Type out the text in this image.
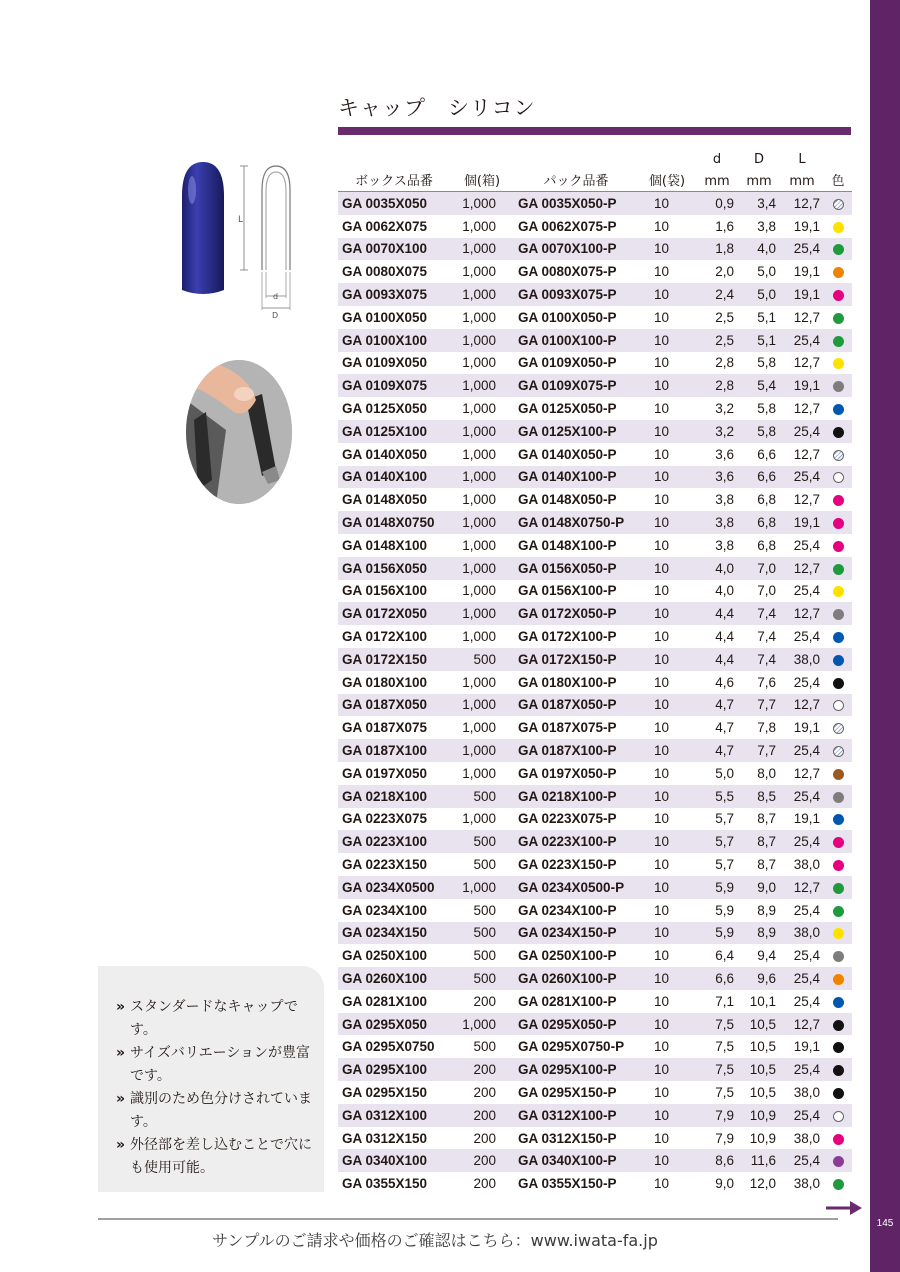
145
キャップ　シリコン
L
d
D
				d	D	L	
ボックス品番	個(箱)	パック品番	個(袋)	mm	mm	mm	色
GA 0035X050	1,000	GA 0035X050-P	10	0,9	3,4	12,7	
GA 0062X075	1,000	GA 0062X075-P	10	1,6	3,8	19,1	
GA 0070X100	1,000	GA 0070X100-P	10	1,8	4,0	25,4	
GA 0080X075	1,000	GA 0080X075-P	10	2,0	5,0	19,1	
GA 0093X075	1,000	GA 0093X075-P	10	2,4	5,0	19,1	
GA 0100X050	1,000	GA 0100X050-P	10	2,5	5,1	12,7	
GA 0100X100	1,000	GA 0100X100-P	10	2,5	5,1	25,4	
GA 0109X050	1,000	GA 0109X050-P	10	2,8	5,8	12,7	
GA 0109X075	1,000	GA 0109X075-P	10	2,8	5,4	19,1	
GA 0125X050	1,000	GA 0125X050-P	10	3,2	5,8	12,7	
GA 0125X100	1,000	GA 0125X100-P	10	3,2	5,8	25,4	
GA 0140X050	1,000	GA 0140X050-P	10	3,6	6,6	12,7	
GA 0140X100	1,000	GA 0140X100-P	10	3,6	6,6	25,4	
GA 0148X050	1,000	GA 0148X050-P	10	3,8	6,8	12,7	
GA 0148X0750	1,000	GA 0148X0750-P	10	3,8	6,8	19,1	
GA 0148X100	1,000	GA 0148X100-P	10	3,8	6,8	25,4	
GA 0156X050	1,000	GA 0156X050-P	10	4,0	7,0	12,7	
GA 0156X100	1,000	GA 0156X100-P	10	4,0	7,0	25,4	
GA 0172X050	1,000	GA 0172X050-P	10	4,4	7,4	12,7	
GA 0172X100	1,000	GA 0172X100-P	10	4,4	7,4	25,4	
GA 0172X150	500	GA 0172X150-P	10	4,4	7,4	38,0	
GA 0180X100	1,000	GA 0180X100-P	10	4,6	7,6	25,4	
GA 0187X050	1,000	GA 0187X050-P	10	4,7	7,7	12,7	
GA 0187X075	1,000	GA 0187X075-P	10	4,7	7,8	19,1	
GA 0187X100	1,000	GA 0187X100-P	10	4,7	7,7	25,4	
GA 0197X050	1,000	GA 0197X050-P	10	5,0	8,0	12,7	
GA 0218X100	500	GA 0218X100-P	10	5,5	8,5	25,4	
GA 0223X075	1,000	GA 0223X075-P	10	5,7	8,7	19,1	
GA 0223X100	500	GA 0223X100-P	10	5,7	8,7	25,4	
GA 0223X150	500	GA 0223X150-P	10	5,7	8,7	38,0	
GA 0234X0500	1,000	GA 0234X0500-P	10	5,9	9,0	12,7	
GA 0234X100	500	GA 0234X100-P	10	5,9	8,9	25,4	
GA 0234X150	500	GA 0234X150-P	10	5,9	8,9	38,0	
GA 0250X100	500	GA 0250X100-P	10	6,4	9,4	25,4	
GA 0260X100	500	GA 0260X100-P	10	6,6	9,6	25,4	
GA 0281X100	200	GA 0281X100-P	10	7,1	10,1	25,4	
GA 0295X050	1,000	GA 0295X050-P	10	7,5	10,5	12,7	
GA 0295X0750	500	GA 0295X0750-P	10	7,5	10,5	19,1	
GA 0295X100	200	GA 0295X100-P	10	7,5	10,5	25,4	
GA 0295X150	200	GA 0295X150-P	10	7,5	10,5	38,0	
GA 0312X100	200	GA 0312X100-P	10	7,9	10,9	25,4	
GA 0312X150	200	GA 0312X150-P	10	7,9	10,9	38,0	
GA 0340X100	200	GA 0340X100-P	10	8,6	11,6	25,4	
GA 0355X150	200	GA 0355X150-P	10	9,0	12,0	38,0	
» スタンダードなキャップです。
» サイズバリエーションが豊富です。
» 識別のため色分けされています。
» 外径部を差し込むことで穴にも使用可能。
サンプルのご請求や価格のご確認はこちら：www.iwata-fa.jp
